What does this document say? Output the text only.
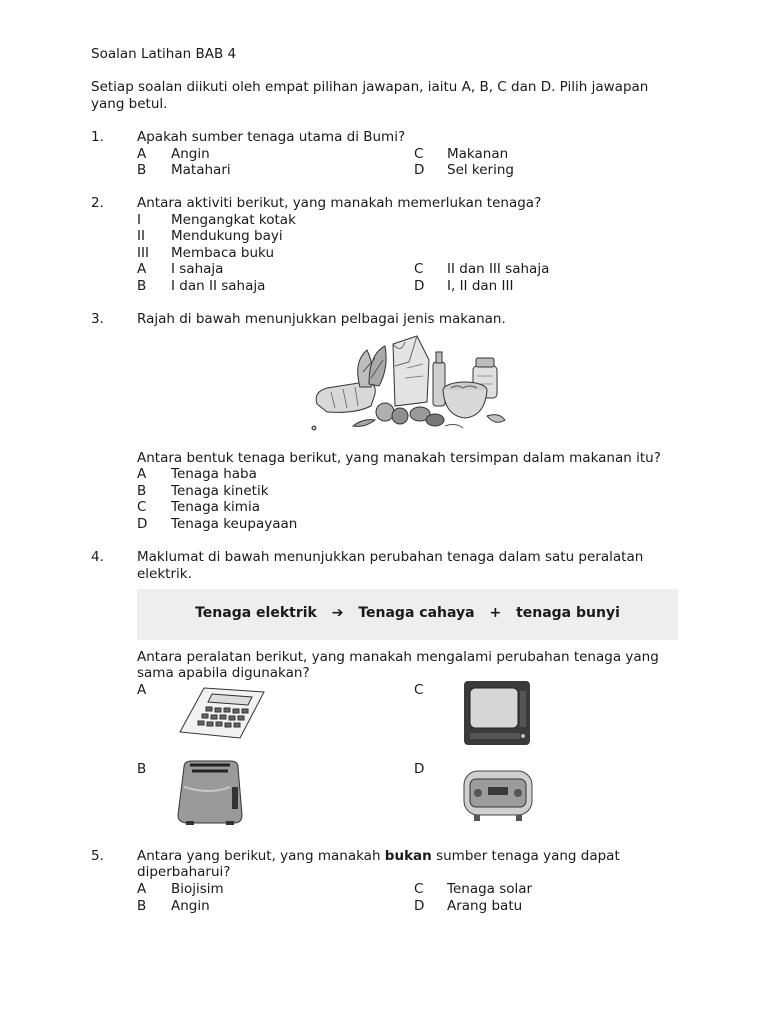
Soalan Latihan BAB 4
Setiap soalan diikuti oleh empat pilihan jawapan, iaitu A, B, C dan D. Pilih jawapan yang betul.
1. Apakah sumber tenaga utama di Bumi?
A Angin
B Matahari
C Makanan
D Sel kering
2. Antara aktiviti berikut, yang manakah memerlukan tenaga?
I Mengangkat kotak
II Mendukung bayi
III Membaca buku
A I sahaja
B I dan II sahaja
C II dan III sahaja
D I, II dan III
3. Rajah di bawah menunjukkan pelbagai jenis makanan.
Antara bentuk tenaga berikut, yang manakah tersimpan dalam makanan itu?
A Tenaga haba
B Tenaga kinetik
C Tenaga kimia
D Tenaga keupayaan
4. Maklumat di bawah menunjukkan perubahan tenaga dalam satu peralatan elektrik.
Tenaga elektrik ➔ Tenaga cahaya + tenaga bunyi
Antara peralatan berikut, yang manakah mengalami perubahan tenaga yang sama apabila digunakan?
A	C
B	D
5. Antara yang berikut, yang manakah bukan sumber tenaga yang dapat
diperbaharui?
A Biojisim
B Angin
C Tenaga solar
D Arang batu
